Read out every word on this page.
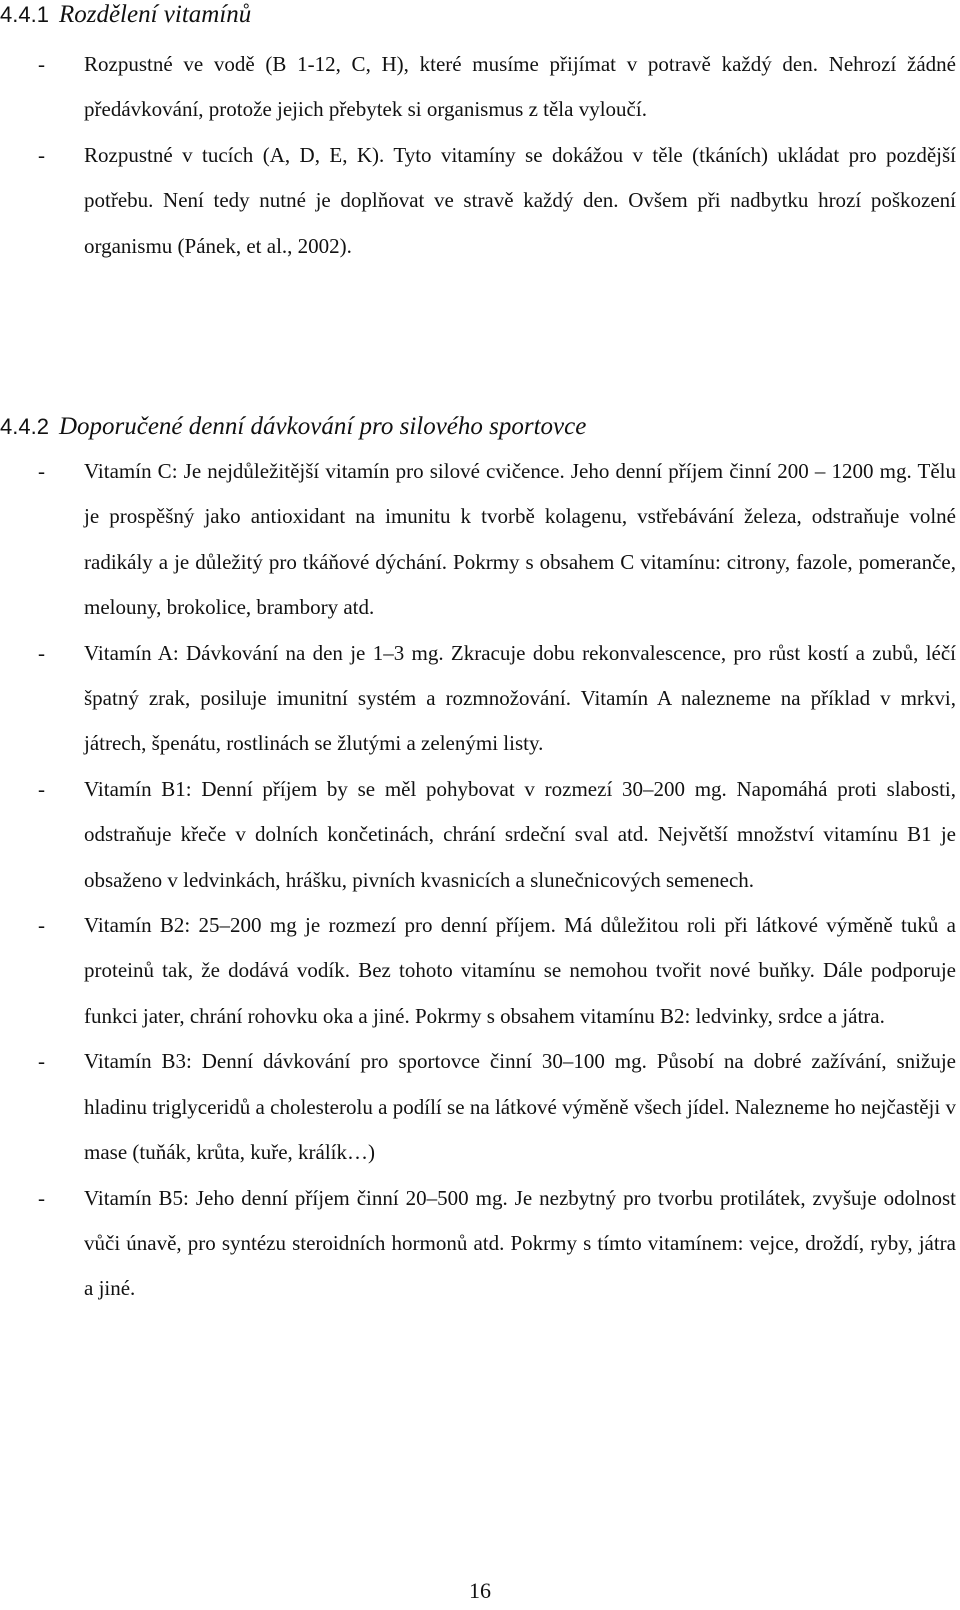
4.4.1 Rozdělení vitamínů
- Rozpustné ve vodě (B 1-12, C, H), které musíme přijímat v potravě každý den. Nehrozí žádné předávkování, protože jejich přebytek si organismus z těla vyloučí.

- Rozpustné v tucích (A, D, E, K). Tyto vitamíny se dokážou v těle (tkáních) ukládat pro pozdější potřebu. Není tedy nutné je doplňovat ve stravě každý den. Ovšem při nadbytku hrozí poškození organismu (Pánek, et al., 2002).

4.4.2 Doporučené denní dávkování pro silového sportovce
- Vitamín C: Je nejdůležitější vitamín pro silové cvičence. Jeho denní příjem činní 200 – 1200 mg. Tělu je prospěšný jako antioxidant na imunitu k tvorbě kolagenu, vstřebávání železa, odstraňuje volné radikály a je důležitý pro tkáňové dýchání. Pokrmy s obsahem C vitamínu: citrony, fazole, pomeranče, melouny, brokolice, brambory atd.

- Vitamín A: Dávkování na den je 1–3 mg. Zkracuje dobu rekonvalescence, pro růst kostí a zubů, léčí špatný zrak, posiluje imunitní systém a rozmnožování. Vitamín A nalezneme na příklad v mrkvi, játrech, špenátu, rostlinách se žlutými a zelenými listy.

- Vitamín B1: Denní příjem by se měl pohybovat v rozmezí 30–200 mg. Napomáhá proti slabosti, odstraňuje křeče v dolních končetinách, chrání srdeční sval atd. Největší množství vitamínu B1 je obsaženo v ledvinkách, hrášku, pivních kvasnicích a slunečnicových semenech.

- Vitamín B2: 25–200 mg je rozmezí pro denní příjem. Má důležitou roli při látkové výměně tuků a proteinů tak, že dodává vodík. Bez tohoto vitamínu se nemohou tvořit nové buňky. Dále podporuje funkci jater, chrání rohovku oka a jiné. Pokrmy s obsahem vitamínu B2: ledvinky, srdce a játra.

- Vitamín B3: Denní dávkování pro sportovce činní 30–100 mg. Působí na dobré zažívání, snižuje hladinu triglyceridů a cholesterolu a podílí se na látkové výměně všech jídel. Nalezneme ho nejčastěji v mase (tuňák, krůta, kuře, králík…)

- Vitamín B5: Jeho denní příjem činní 20–500 mg. Je nezbytný pro tvorbu protilátek, zvyšuje odolnost vůči únavě, pro syntézu steroidních hormonů atd. Pokrmy s tímto vitamínem: vejce, droždí, ryby, játra a jiné.

16
